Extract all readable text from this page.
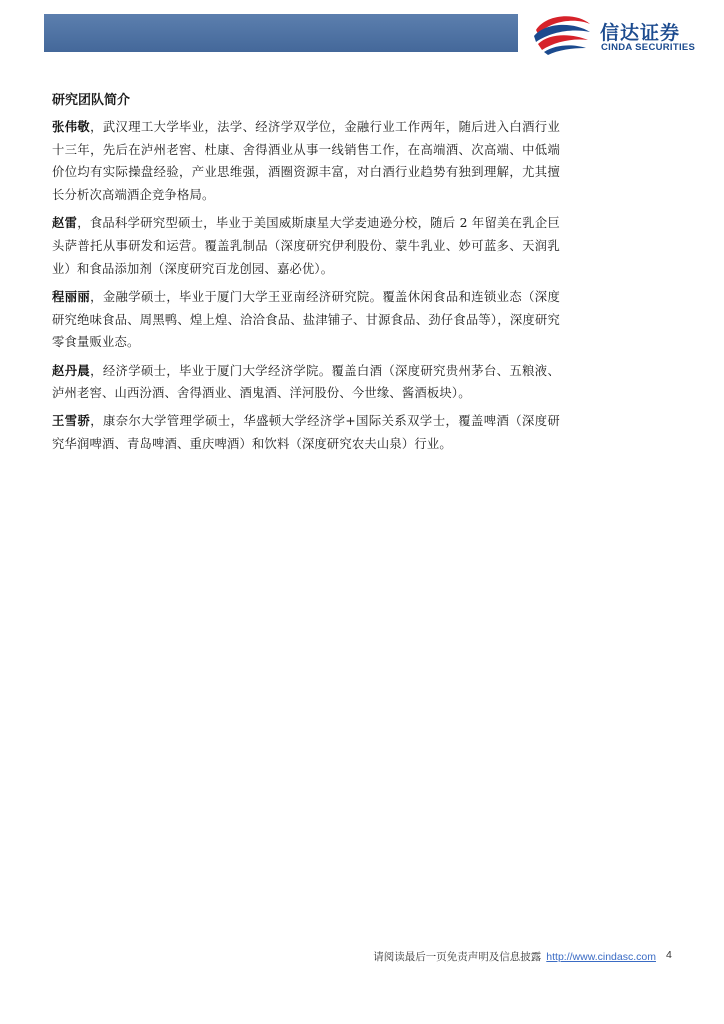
信达证券
CINDA SECURITIES
研究团队简介

张伟敬，武汉理工大学毕业，法学、经济学双学位，金融行业工作两年，随后进入白酒行业十三年，先后在泸州老窖、杜康、舍得酒业从事一线销售工作，在高端酒、次高端、中低端价位均有实际操盘经验，产业思维强，酒圈资源丰富，对白酒行业趋势有独到理解，尤其擅长分析次高端酒企竞争格局。

赵雷，食品科学研究型硕士，毕业于美国威斯康星大学麦迪逊分校，随后 2 年留美在乳企巨头萨普托从事研发和运营。覆盖乳制品（深度研究伊利股份、蒙牛乳业、妙可蓝多、天润乳业）和食品添加剂（深度研究百龙创园、嘉必优）。

程丽丽，金融学硕士，毕业于厦门大学王亚南经济研究院。覆盖休闲食品和连锁业态（深度研究绝味食品、周黑鸭、煌上煌、洽洽食品、盐津铺子、甘源食品、劲仔食品等），深度研究零食量贩业态。

赵丹晨，经济学硕士，毕业于厦门大学经济学院。覆盖白酒（深度研究贵州茅台、五粮液、泸州老窖、山西汾酒、舍得酒业、酒鬼酒、洋河股份、今世缘、酱酒板块）。

王雪骄，康奈尔大学管理学硕士，华盛顿大学经济学+国际关系双学士，覆盖啤酒（深度研究华润啤酒、青岛啤酒、重庆啤酒）和饮料（深度研究农夫山泉）行业。

请阅读最后一页免责声明及信息披露 http://www.cindasc.com 4
